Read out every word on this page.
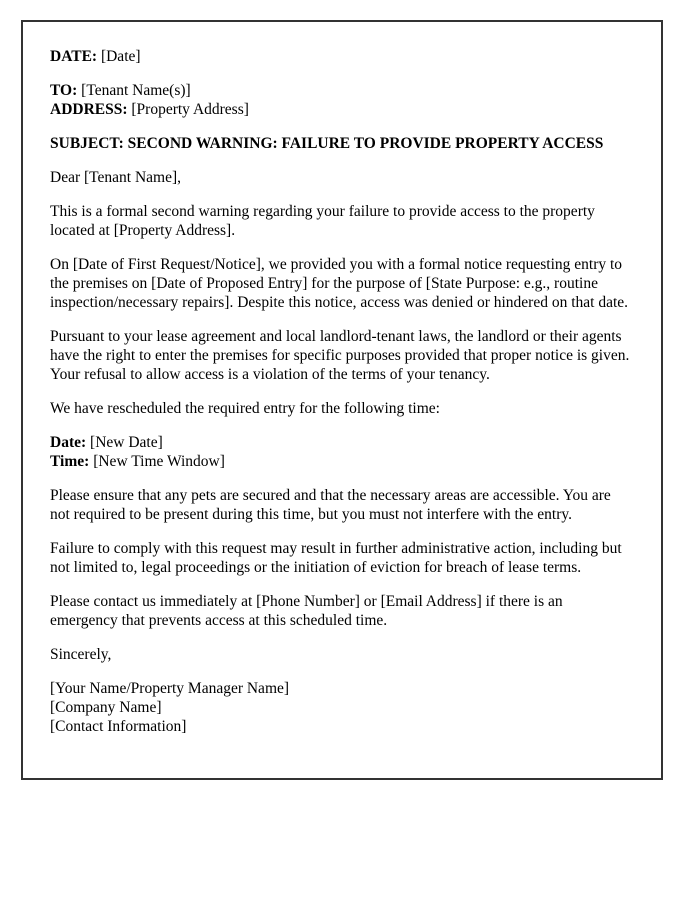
DATE: [Date]

TO: [Tenant Name(s)]
ADDRESS: [Property Address]

SUBJECT: SECOND WARNING: FAILURE TO PROVIDE PROPERTY ACCESS

Dear [Tenant Name],

This is a formal second warning regarding your failure to provide access to the property located at [Property Address].

On [Date of First Request/Notice], we provided you with a formal notice requesting entry to the premises on [Date of Proposed Entry] for the purpose of [State Purpose: e.g., routine inspection/necessary repairs]. Despite this notice, access was denied or hindered on that date.

Pursuant to your lease agreement and local landlord-tenant laws, the landlord or their agents have the right to enter the premises for specific purposes provided that proper notice is given. Your refusal to allow access is a violation of the terms of your tenancy.

We have rescheduled the required entry for the following time:

Date: [New Date]
Time: [New Time Window]

Please ensure that any pets are secured and that the necessary areas are accessible. You are not required to be present during this time, but you must not interfere with the entry.

Failure to comply with this request may result in further administrative action, including but not limited to, legal proceedings or the initiation of eviction for breach of lease terms.

Please contact us immediately at [Phone Number] or [Email Address] if there is an emergency that prevents access at this scheduled time.

Sincerely,

[Your Name/Property Manager Name]
[Company Name]
[Contact Information]
